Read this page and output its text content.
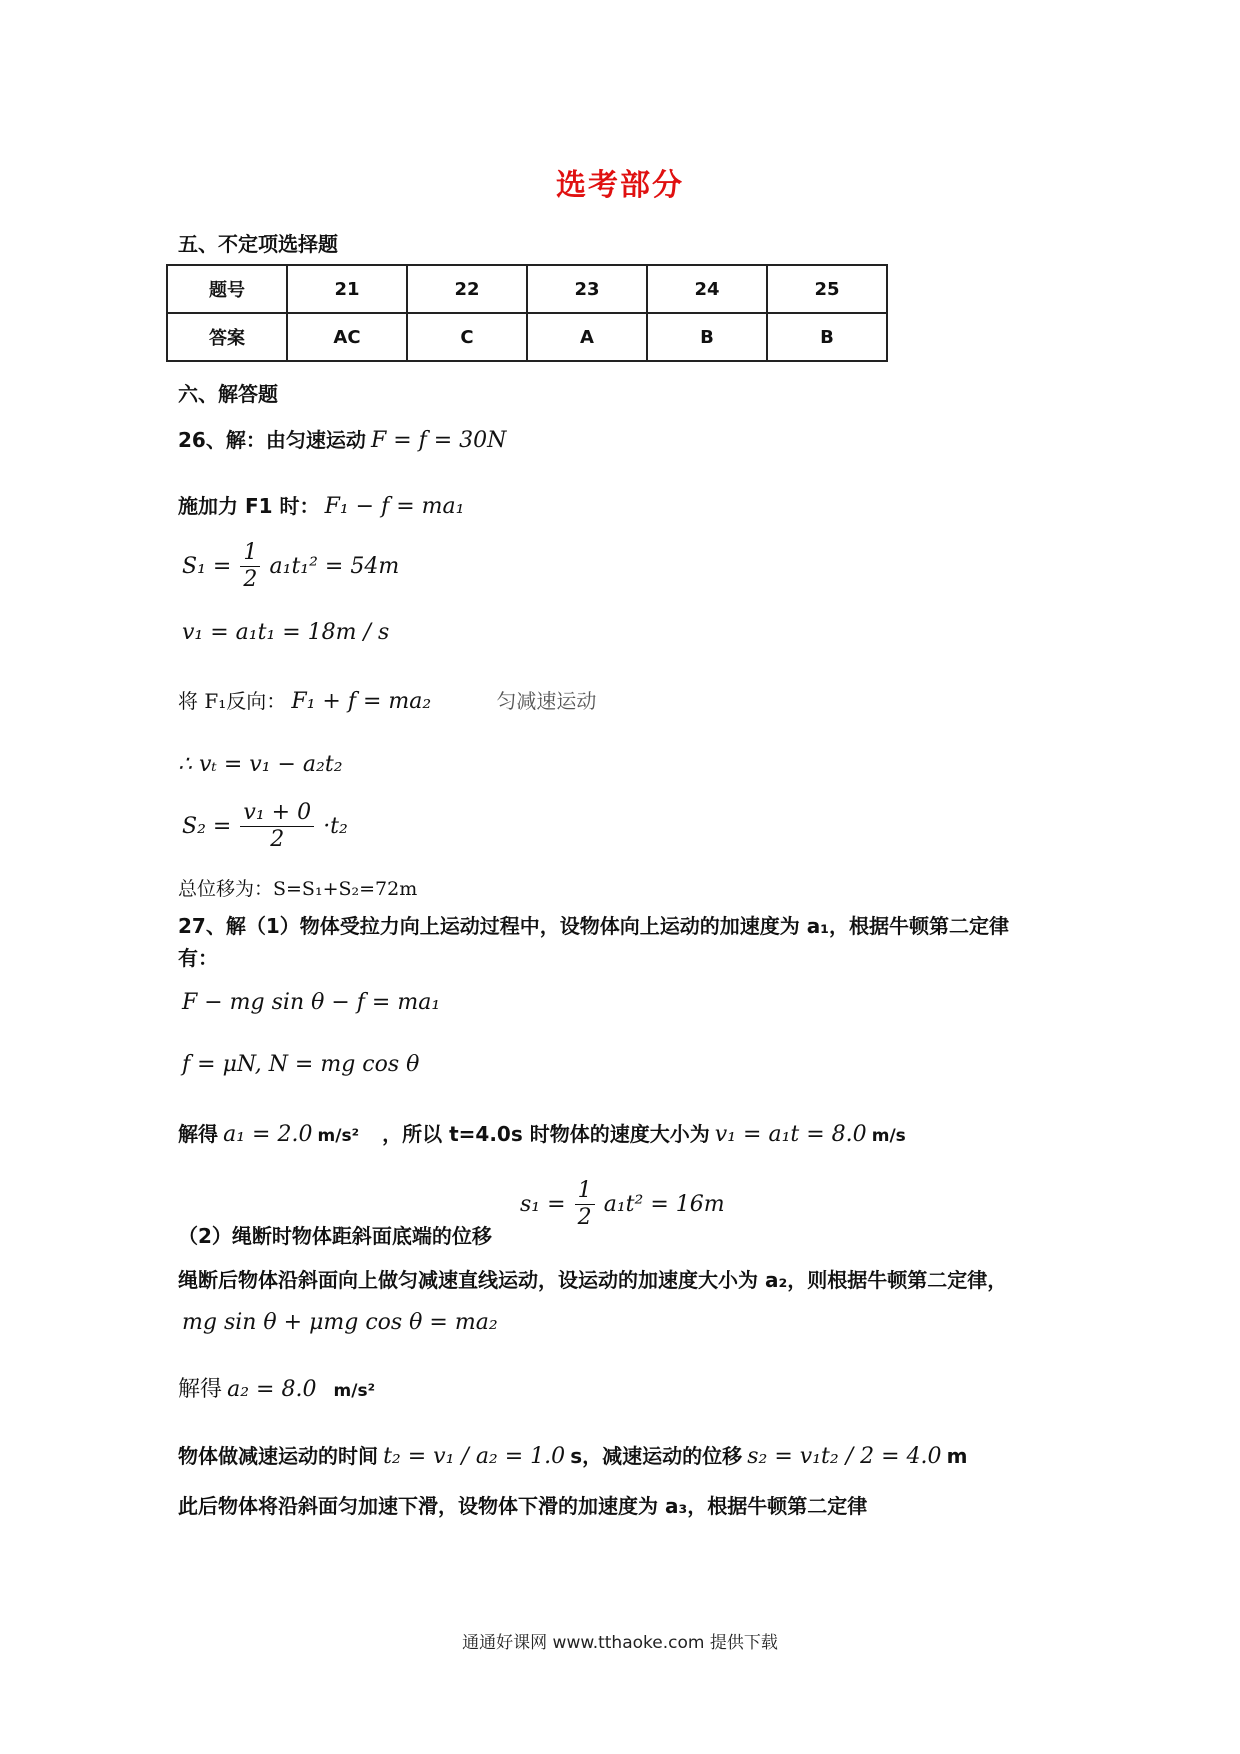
选考部分
五、不定项选择题
题号	21	22	23	24	25
答案	AC	C	A	B	B
六、解答题
26、解：由匀速运动 F = f = 30N
施加力 F1 时： F₁ − f = ma₁
$S_1 = \frac{1}{2} a_1t_1^2 = 54m$
v₁ = a₁t₁ = 18m / s
将 F₁反向： F₁ + f = ma₂	匀减速运动
∴ vₜ = v₁ − a₂t₂
$S_2 = \frac{\text{v₁ + 0}}{2} \cdot t_2$
总位移为：S=S₁+S₂=72m
27、解（1）物体受拉力向上运动过程中，设物体向上运动的加速度为 a₁，根据牛顿第二定律
有：
F − mg sin θ − f = ma₁
f = μN, N = mg cos θ
解得 a₁ = 2.0 m/s² ，所以 t=4.0s 时物体的速度大小为 v₁ = a₁t = 8.0 m/s
（2）绳断时物体距斜面底端的位移
$s_1 = \frac{1}{2} a_1t^2 = 16m$
绳断后物体沿斜面向上做匀减速直线运动，设运动的加速度大小为 a₂，则根据牛顿第二定律，
mg sin θ + μmg cos θ = ma₂
解得 a₂ = 8.0 m/s²
物体做减速运动的时间 t₂ = v₁ / a₂ = 1.0 s，减速运动的位移 s₂ = v₁t₂ / 2 = 4.0 m
此后物体将沿斜面匀加速下滑，设物体下滑的加速度为 a₃，根据牛顿第二定律
通通好课网 www.tthaoke.com 提供下载
